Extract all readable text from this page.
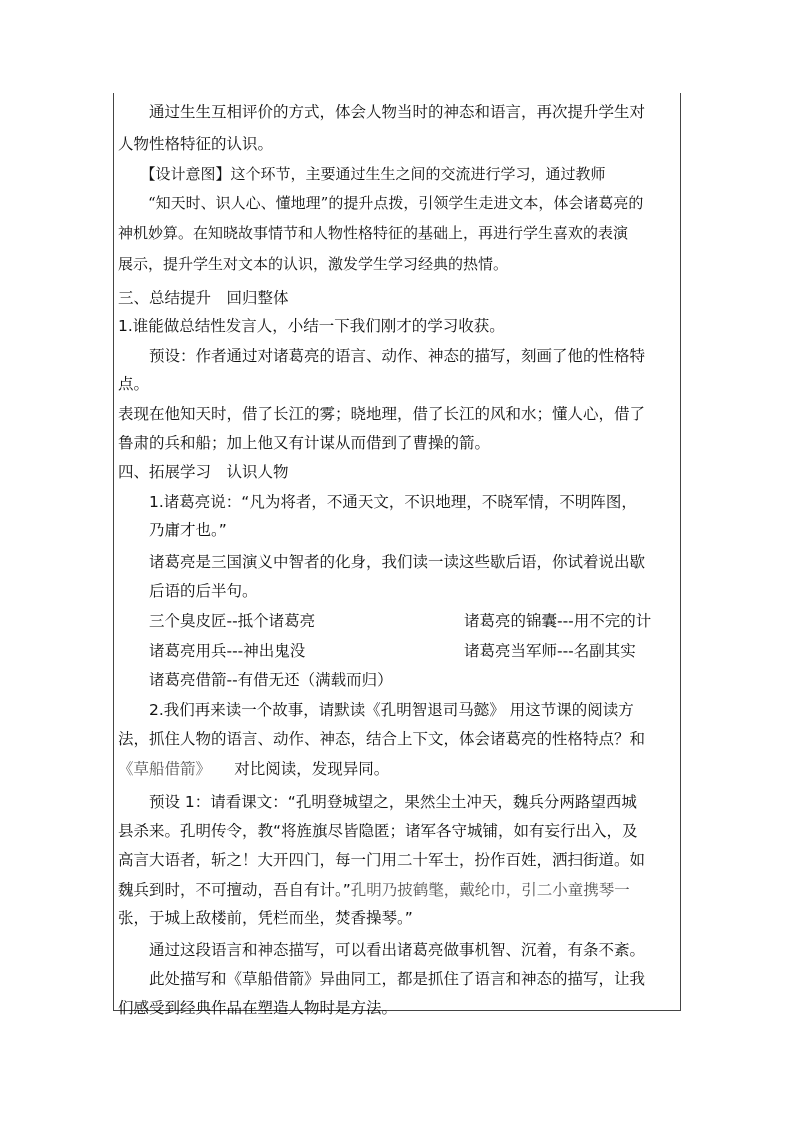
　　通过生生互相评价的方式，体会人物当时的神态和语言，再次提升学生对
人物性格特征的认识。
　　【设计意图】这个环节，主要通过生生之间的交流进行学习，通过教师
　　“知天时、识人心、懂地理”的提升点拨，引领学生走进文本，体会诸葛亮的
神机妙算。在知晓故事情节和人物性格特征的基础上，再进行学生喜欢的表演
展示，提升学生对文本的认识，激发学生学习经典的热情。
三、总结提升　回归整体
1.谁能做总结性发言人，小结一下我们刚才的学习收获。
　　预设：作者通过对诸葛亮的语言、动作、神态的描写，刻画了他的性格特
点。
表现在他知天时，借了长江的雾；晓地理，借了长江的风和水；懂人心，借了
鲁肃的兵和船；加上他又有计谋从而借到了曹操的箭。
四、拓展学习　认识人物
　　1.诸葛亮说：“凡为将者，不通天文，不识地理，不晓军情，不明阵图，
　　乃庸才也。”
　　诸葛亮是三国演义中智者的化身，我们读一读这些歇后语，你试着说出歇
　　后语的后半句。
　　三个臭皮匠--抵个诸葛亮	诸葛亮的锦囊---用不完的计
　　诸葛亮用兵---神出鬼没	诸葛亮当军师---名副其实
　　诸葛亮借箭--有借无还（满载而归）
　　2.我们再来读一个故事，请默读《孔明智退司马懿》 用这节课的阅读方
法，抓住人物的语言、动作、神态，结合上下文，体会诸葛亮的性格特点？和
《草船借箭》　　对比阅读，发现异同。
　　预设 1：请看课文：“孔明登城望之，果然尘土冲天，魏兵分两路望西城
县杀来。孔明传令，教“将旌旗尽皆隐匿；诸军各守城铺，如有妄行出入，及
高言大语者，斩之！大开四门，每一门用二十军士，扮作百姓，洒扫街道。如
魏兵到时，不可擅动，吾自有计。”孔明乃披鹤氅，戴纶巾，引二小童携琴一
张，于城上敌楼前，凭栏而坐，焚香操琴。”
　　通过这段语言和神态描写，可以看出诸葛亮做事机智、沉着，有条不紊。
　　此处描写和《草船借箭》异曲同工，都是抓住了语言和神态的描写，让我
们感受到经典作品在塑造人物时是方法。
